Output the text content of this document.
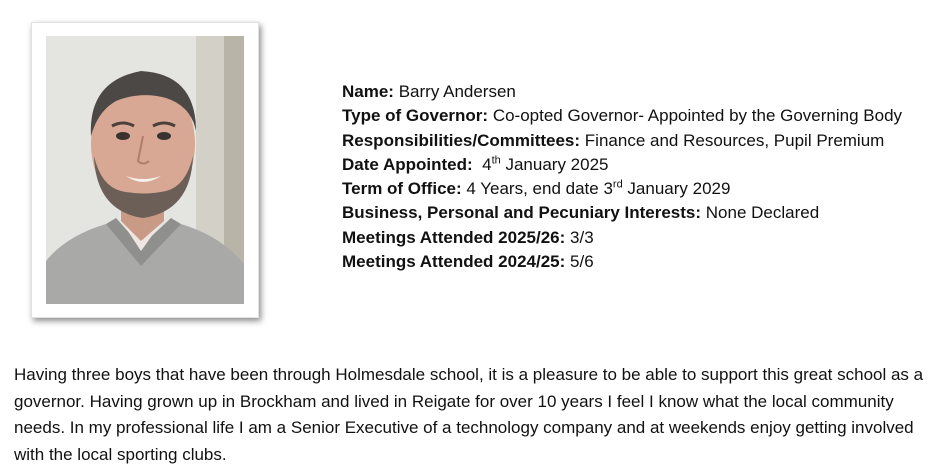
Name: Barry Andersen
Type of Governor: Co-opted Governor- Appointed by the Governing Body
Responsibilities/Committees: Finance and Resources, Pupil Premium
Date Appointed: 4th January 2025
Term of Office: 4 Years, end date 3rd January 2029
Business, Personal and Pecuniary Interests: None Declared
Meetings Attended 2025/26: 3/3
Meetings Attended 2024/25: 5/6

Having three boys that have been through Holmesdale school, it is a pleasure to be able to support this great school as a governor. Having grown up in Brockham and lived in Reigate for over 10 years I feel I know what the local community needs. In my professional life I am a Senior Executive of a technology company and at weekends enjoy getting involved with the local sporting clubs.
